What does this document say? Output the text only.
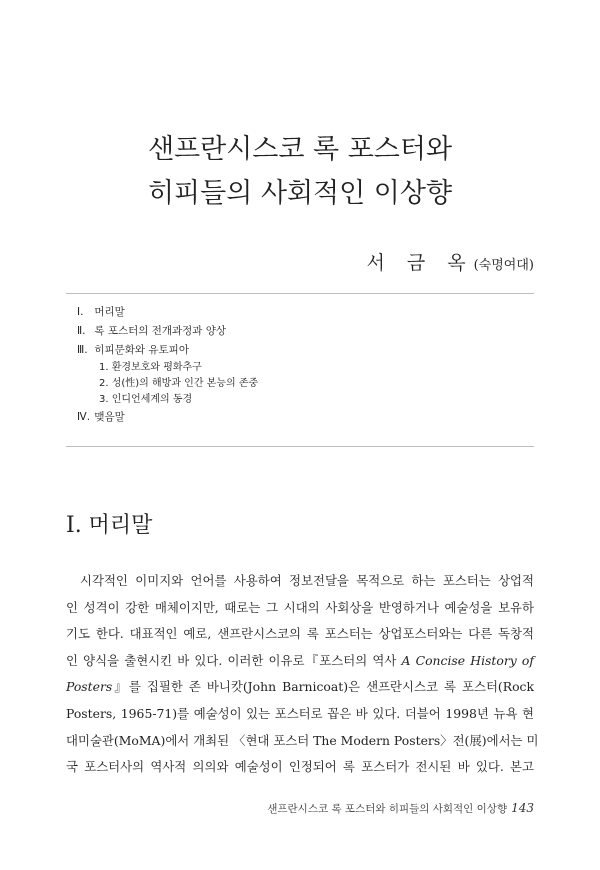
샌프란시스코 록 포스터와
히피들의 사회적인 이상향
서 금 옥(숙명여대)
Ⅰ. 머리말
Ⅱ. 록 포스터의 전개과정과 양상
Ⅲ. 히피문화와 유토피아
1. 환경보호와 평화추구
2. 성(性)의 해방과 인간 본능의 존중
3. 인디언세계의 동경
Ⅳ. 맺음말
Ⅰ. 머리말
시각적인 이미지와 언어를 사용하여 정보전달을 목적으로 하는 포스터는 상업적
인 성격이 강한 매체이지만, 때로는 그 시대의 사회상을 반영하거나 예술성을 보유하
기도 한다. 대표적인 예로, 샌프란시스코의 록 포스터는 상업포스터와는 다른 독창적
인 양식을 출현시킨 바 있다. 이러한 이유로『포스터의 역사 A Concise History of
Posters』를 집필한 존 바니캇(John Barnicoat)은 샌프란시스코 록 포스터(Rock
Posters, 1965-71)를 예술성이 있는 포스터로 꼽은 바 있다. 더블어 1998년 뉴욕 현
대미술관(MoMA)에서 개최된 〈현대 포스터 The Modern Posters〉전(展)에서는 미
국 포스터사의 역사적 의의와 예술성이 인정되어 록 포스터가 전시된 바 있다. 본고
샌프란시스코 록 포스터와 히피들의 사회적인 이상향 143
